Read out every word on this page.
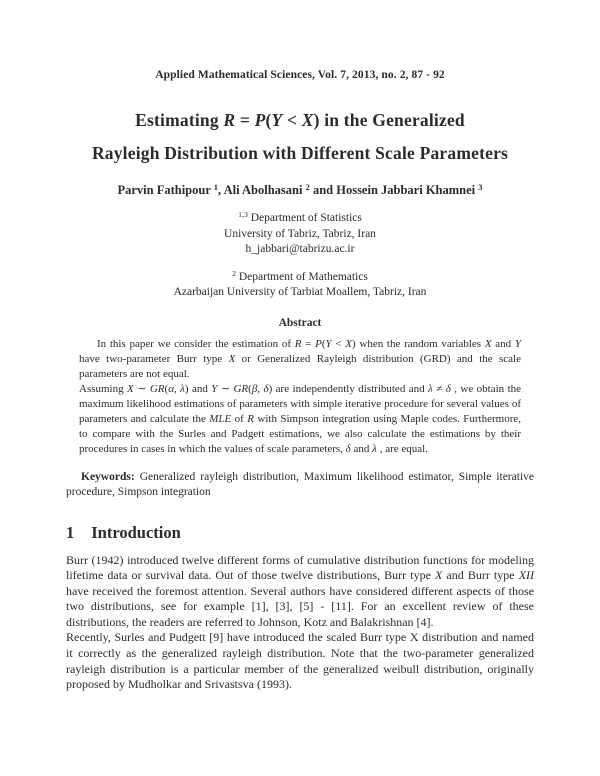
Applied Mathematical Sciences, Vol. 7, 2013, no. 2, 87 - 92
Estimating R = P(Y < X) in the Generalized
Rayleigh Distribution with Different Scale Parameters
Parvin Fathipour $^1$, Ali Abolhasani $^2$ and Hossein Jabbari Khamnei $^3$
$^{1,3}$ Department of Statistics
University of Tabriz, Tabriz, Iran
h_jabbari@tabrizu.ac.ir
$^2$ Department of Mathematics
Azarbaijan University of Tarbiat Moallem, Tabriz, Iran
Abstract

In this paper we consider the estimation of R = P(Y < X) when the random variables X and Y have two-parameter Burr type X or Generalized Rayleigh distribution (GRD) and the scale parameters are not equal.

Assuming X ∼ GR(α, λ) and Y ∼ GR(β, δ) are independently distributed and λ ≠ δ , we obtain the maximum likelihood estimations of parameters with simple iterative procedure for several values of parameters and calculate the MLE of R with Simpson integration using Maple codes. Furthermore, to compare with the Surles and Padgett estimations, we also calculate the estimations by their procedures in cases in which the values of scale parameters, δ and λ , are equal.

Keywords: Generalized rayleigh distribution, Maximum likelihood estimator, Simple iterative procedure, Simpson integration
1 Introduction

Burr (1942) introduced twelve different forms of cumulative distribution functions for modeling lifetime data or survival data. Out of those twelve distributions, Burr type X and Burr type XII have received the foremost attention. Several authors have considered different aspects of those two distributions, see for example [1], [3], [5] - [11]. For an excellent review of these distributions, the readers are referred to Johnson, Kotz and Balakrishnan [4].

Recently, Surles and Pudgett [9] have introduced the scaled Burr type X distribution and named it correctly as the generalized rayleigh distribution. Note that the two-parameter generalized rayleigh distribution is a particular member of the generalized weibull distribution, originally proposed by Mudholkar and Srivastsva (1993).
